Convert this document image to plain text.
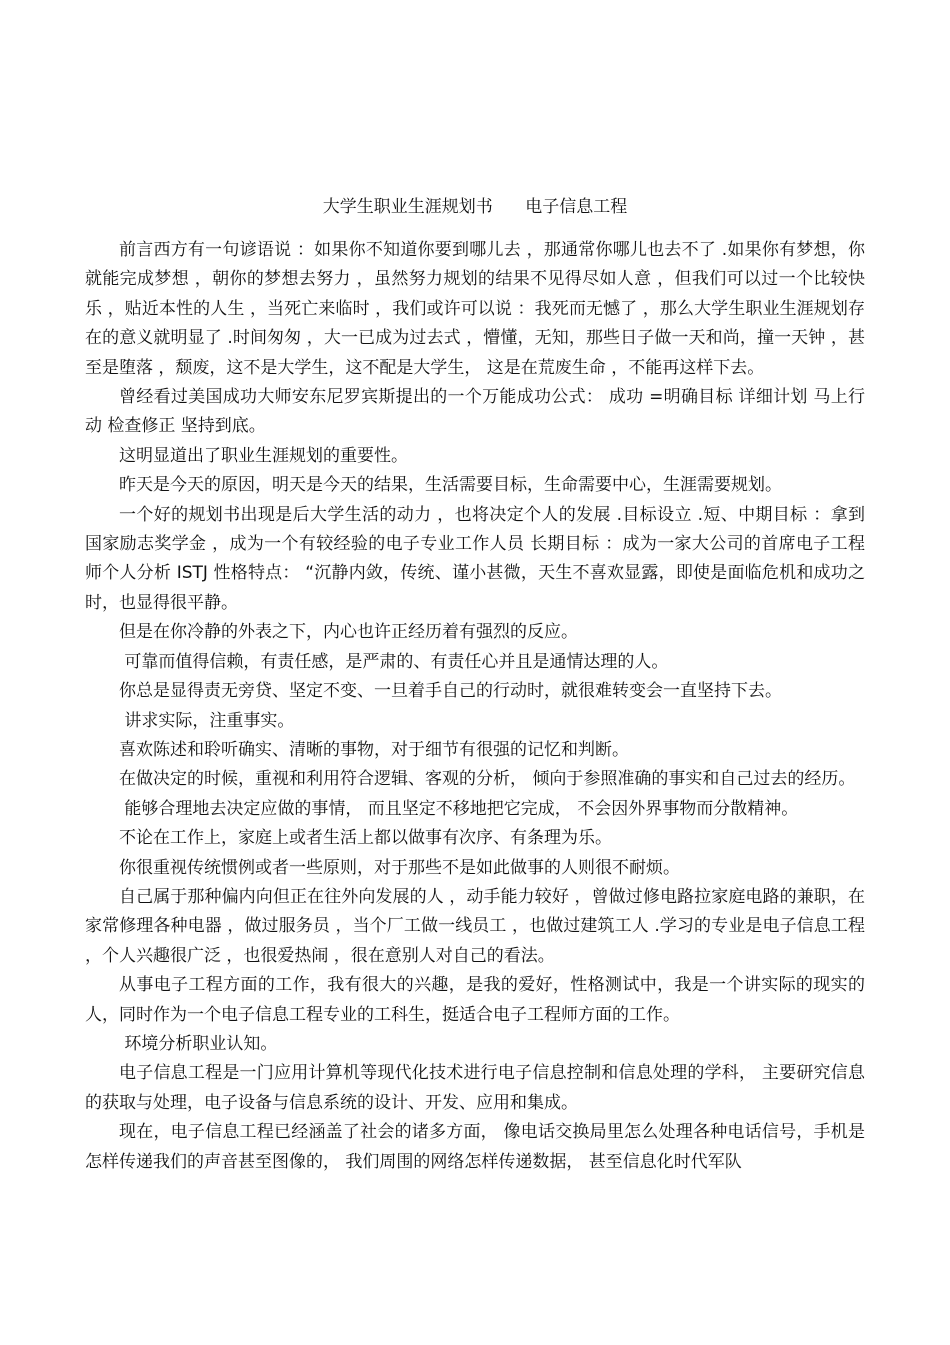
大学生职业生涯规划书      电子信息工程

前言西方有一句谚语说 ：如果你不知道你要到哪儿去 ，那通常你哪儿也去不了 .如果你有梦想，你就能完成梦想 ，朝你的梦想去努力 ，虽然努力规划的结果不见得尽如人意 ，但我们可以过一个比较快乐 ，贴近本性的人生 ，当死亡来临时 ，我们或许可以说 ：我死而无憾了 ，那么大学生职业生涯规划存在的意义就明显了 .时间匆匆 ，大一已成为过去式 ，懵懂，无知，那些日子做一天和尚，撞一天钟 ，甚至是堕落 ，颓废，这不是大学生，这不配是大学生， 这是在荒废生命 ，不能再这样下去。

曾经看过美国成功大师安东尼罗宾斯提出的一个万能成功公式： 成功 =明确目标 详细计划 马上行动 检查修正 坚持到底。

这明显道出了职业生涯规划的重要性。

昨天是今天的原因，明天是今天的结果，生活需要目标，生命需要中心，生涯需要规划。

一个好的规划书出现是后大学生活的动力 ，也将决定个人的发展 .目标设立 .短、中期目标 ：拿到国家励志奖学金 ，成为一个有较经验的电子专业工作人员 长期目标 ：成为一家大公司的首席电子工程师个人分析 ISTJ 性格特点： “沉静内敛，传统、谨小甚微，天生不喜欢显露，即使是面临危机和成功之时，也显得很平静。

但是在你冷静的外表之下，内心也许正经历着有强烈的反应。

可靠而值得信赖，有责任感，是严肃的、有责任心并且是通情达理的人。

你总是显得责无旁贷、坚定不变、一旦着手自己的行动时，就很难转变会一直坚持下去。

讲求实际，注重事实。

喜欢陈述和聆听确实、清晰的事物，对于细节有很强的记忆和判断。

在做决定的时候，重视和利用符合逻辑、客观的分析， 倾向于参照准确的事实和自己过去的经历。

能够合理地去决定应做的事情， 而且坚定不移地把它完成， 不会因外界事物而分散精神。

不论在工作上，家庭上或者生活上都以做事有次序、有条理为乐。

你很重视传统惯例或者一些原则，对于那些不是如此做事的人则很不耐烦。

自己属于那种偏内向但正在往外向发展的人 ，动手能力较好 ，曾做过修电路拉家庭电路的兼职，在家常修理各种电器 ，做过服务员 ，当个厂工做一线员工 ，也做过建筑工人 .学习的专业是电子信息工程 ，个人兴趣很广泛 ，也很爱热闹 ，很在意别人对自己的看法。

从事电子工程方面的工作，我有很大的兴趣，是我的爱好，性格测试中，我是一个讲实际的现实的人，同时作为一个电子信息工程专业的工科生，挺适合电子工程师方面的工作。

环境分析职业认知。

电子信息工程是一门应用计算机等现代化技术进行电子信息控制和信息处理的学科， 主要研究信息的获取与处理，电子设备与信息系统的设计、开发、应用和集成。

现在，电子信息工程已经涵盖了社会的诸多方面， 像电话交换局里怎么处理各种电话信号，手机是怎样传递我们的声音甚至图像的， 我们周围的网络怎样传递数据， 甚至信息化时代军队
